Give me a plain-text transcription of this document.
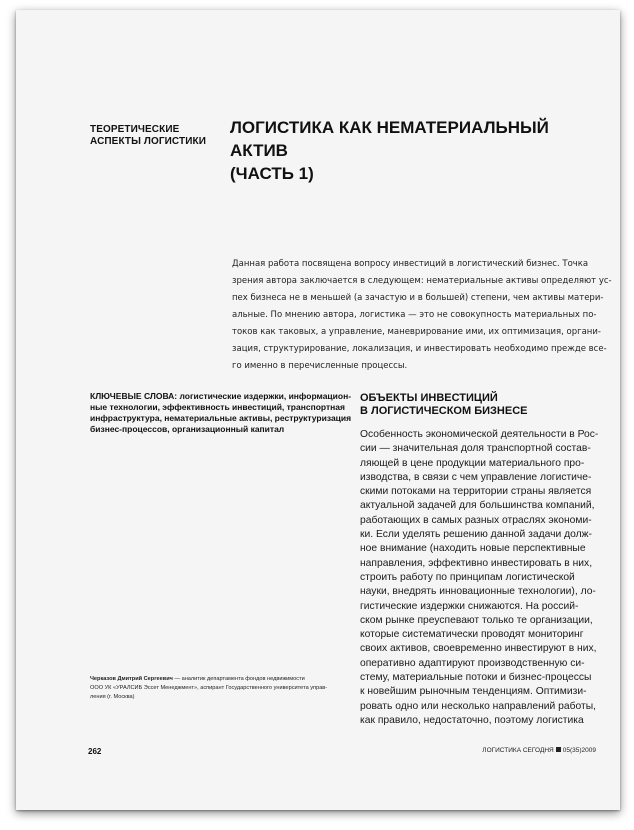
ТЕОРЕТИЧЕСКИЕ
АСПЕКТЫ ЛОГИСТИКИ
ЛОГИСТИКА КАК НЕМАТЕРИАЛЬНЫЙ АКТИВ
(ЧАСТЬ 1)
Данная работа посвящена вопросу инвестиций в логистический бизнес. Точка
зрения автора заключается в следующем: нематериальные активы определяют ус-
пех бизнеса не в меньшей (а зачастую и в большей) степени, чем активы матери-
альные. По мнению автора, логистика — это не совокупность материальных по-
токов как таковых, а управление, маневрирование ими, их оптимизация, органи-
зация, структурирование, локализация, и инвестировать необходимо прежде все-
го именно в перечисленные процессы.
КЛЮЧЕВЫЕ СЛОВА: логистические издержки, информацион-
ные технологии, эффективность инвестиций, транспортная
инфраструктура, нематериальные активы, реструктуризация
бизнес-процессов, организационный капитал
ОБЪЕКТЫ ИНВЕСТИЦИЙ
В ЛОГИСТИЧЕСКОМ БИЗНЕСЕ
Особенность экономической деятельности в Рос-
сии — значительная доля транспортной состав-
ляющей в цене продукции материального про-
изводства, в связи с чем управление логистиче-
скими потоками на территории страны является
актуальной задачей для большинства компаний,
работающих в самых разных отраслях экономи-
ки. Если уделять решению данной задачи долж-
ное внимание (находить новые перспективные
направления, эффективно инвестировать в них,
строить работу по принципам логистической
науки, внедрять инновационные технологии), ло-
гистические издержки снижаются. На россий-
ском рынке преуспевают только те организации,
которые систематически проводят мониторинг
своих активов, своевременно инвестируют в них,
оперативно адаптируют производственную си-
стему, материальные потоки и бизнес-процессы
к новейшим рыночным тенденциям. Оптимизи-
ровать одно или несколько направлений работы,
как правило, недостаточно, поэтому логистика
Черказов Дмитрий Сергеевич — аналитик департамента фондов недвижимости
ООО УК «УРАЛСИБ Эссет Менеджмент», аспирант Государственного университета управ-
ления (г. Москва)
262	ЛОГИСТИКА СЕГОДНЯ 05(35)2009
